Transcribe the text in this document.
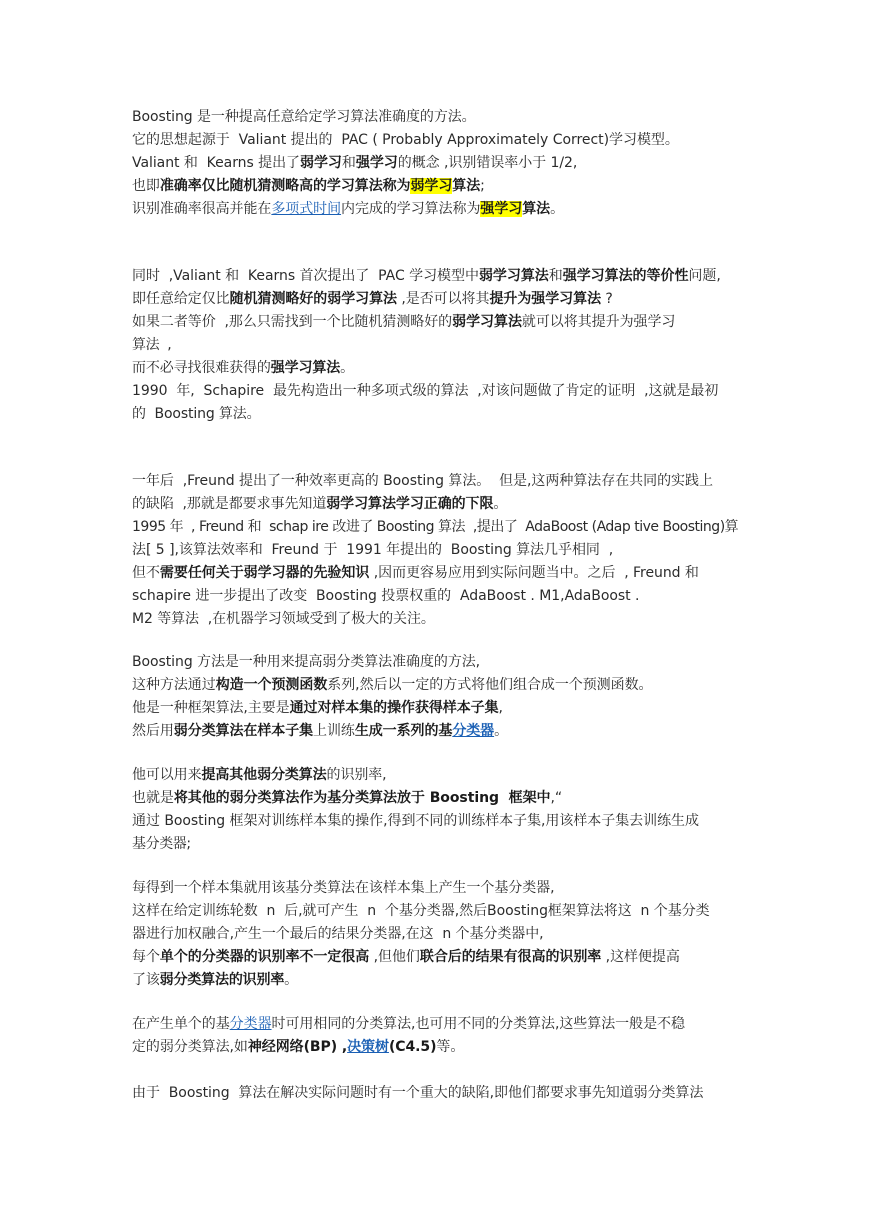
Boosting 是一种提高任意给定学习算法准确度的方法。
它的思想起源于  Valiant 提出的  PAC ( Probably Approximately Correct)学习模型。
Valiant 和  Kearns 提出了弱学习和强学习的概念 ,识别错误率小于 1/2,
也即准确率仅比随机猜测略高的学习算法称为弱学习算法;
识别准确率很高并能在多项式时间内完成的学习算法称为强学习算法。
同时  ,Valiant 和  Kearns 首次提出了  PAC 学习模型中弱学习算法和强学习算法的等价性问题,
即任意给定仅比随机猜测略好的弱学习算法 ,是否可以将其提升为强学习算法 ?
如果二者等价  ,那么只需找到一个比随机猜测略好的弱学习算法就可以将其提升为强学习
算法  ,
而不必寻找很难获得的强学习算法。
1990  年,  Schapire  最先构造出一种多项式级的算法  ,对该问题做了肯定的证明  ,这就是最初
的  Boosting 算法。
一年后  ,Freund 提出了一种效率更高的 Boosting 算法。  但是,这两种算法存在共同的实践上
的缺陷  ,那就是都要求事先知道弱学习算法学习正确的下限。
1995 年  , Freund 和  schap ire 改进了 Boosting 算法  ,提出了  AdaBoost (Adap tive Boosting)算
法[ 5 ],该算法效率和  Freund 于  1991 年提出的  Boosting 算法几乎相同  ,
但不需要任何关于弱学习器的先验知识 ,因而更容易应用到实际问题当中。之后  , Freund 和
schapire 进一步提出了改变  Boosting 投票权重的  AdaBoost . M1,AdaBoost .
M2 等算法  ,在机器学习领域受到了极大的关注。
Boosting 方法是一种用来提高弱分类算法准确度的方法,
这种方法通过构造一个预测函数系列,然后以一定的方式将他们组合成一个预测函数。
他是一种框架算法,主要是通过对样本集的操作获得样本子集,
然后用弱分类算法在样本子集上训练生成一系列的基分类器。
他可以用来提高其他弱分类算法的识别率,
也就是将其他的弱分类算法作为基分类算法放于 Boosting  框架中,“
通过 Boosting 框架对训练样本集的操作,得到不同的训练样本子集,用该样本子集去训练生成
基分类器;
每得到一个样本集就用该基分类算法在该样本集上产生一个基分类器,
这样在给定训练轮数  n  后,就可产生  n  个基分类器,然后Boosting框架算法将这  n 个基分类
器进行加权融合,产生一个最后的结果分类器,在这  n 个基分类器中,
每个单个的分类器的识别率不一定很高 ,但他们联合后的结果有很高的识别率 ,这样便提高
了该弱分类算法的识别率。
在产生单个的基分类器时可用相同的分类算法,也可用不同的分类算法,这些算法一般是不稳
定的弱分类算法,如神经网络(BP) ,决策树(C4.5)等。
由于  Boosting  算法在解决实际问题时有一个重大的缺陷,即他们都要求事先知道弱分类算法
